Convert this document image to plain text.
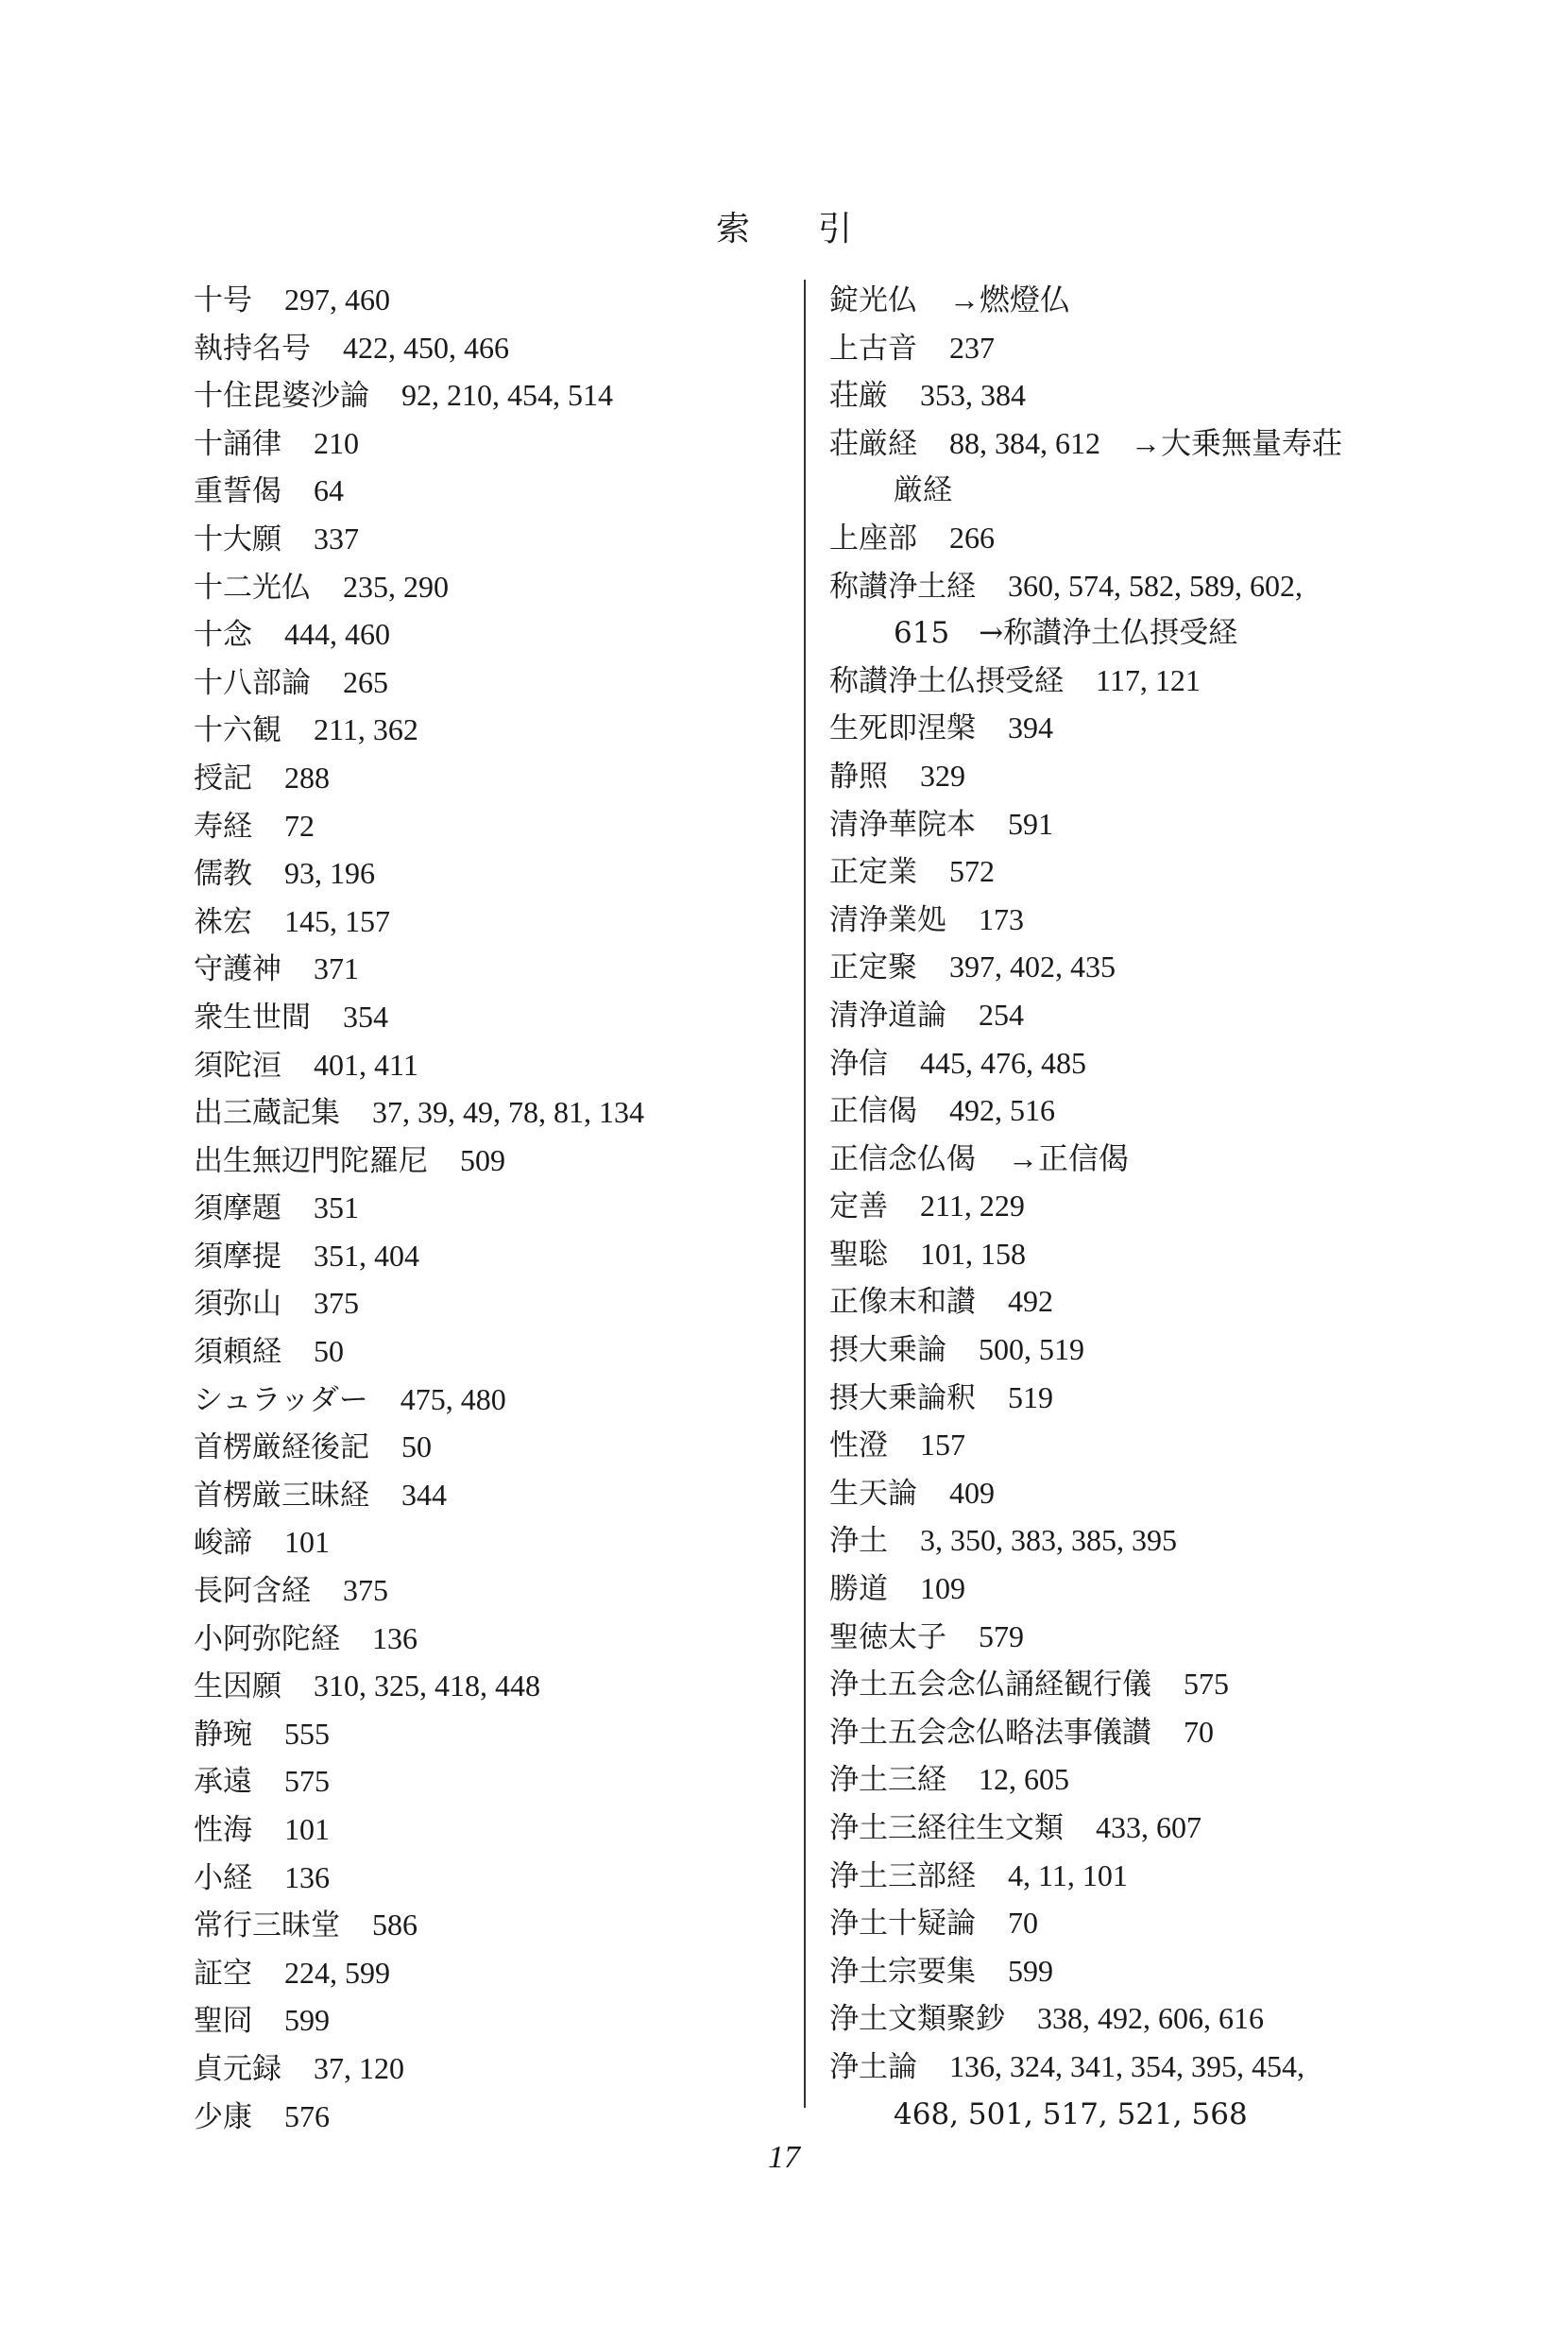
索引
十号 297, 460
執持名号 422, 450, 466
十住毘婆沙論 92, 210, 454, 514
十誦律 210
重誓偈 64
十大願 337
十二光仏 235, 290
十念 444, 460
十八部論 265
十六観 211, 362
授記 288
寿経 72
儒教 93, 196
袾宏 145, 157
守護神 371
衆生世間 354
須陀洹 401, 411
出三蔵記集 37, 39, 49, 78, 81, 134
出生無辺門陀羅尼 509
須摩題 351
須摩提 351, 404
須弥山 375
須頼経 50
シュラッダー 475, 480
首楞厳経後記 50
首楞厳三昧経 344
峻諦 101
長阿含経 375
小阿弥陀経 136
生因願 310, 325, 418, 448
静琬 555
承遠 575
性海 101
小経 136
常行三昧堂 586
証空 224, 599
聖冏 599
貞元録 37, 120
少康 576
錠光仏 →燃燈仏
上古音 237
荘厳 353, 384
荘厳経 88, 384, 612　→大乗無量寿荘
厳経
上座部 266
称讃浄土経 360, 574, 582, 589, 602,
615　→称讃浄土仏摂受経
称讃浄土仏摂受経 117, 121
生死即涅槃 394
静照 329
清浄華院本 591
正定業 572
清浄業処 173
正定聚 397, 402, 435
清浄道論 254
浄信 445, 476, 485
正信偈 492, 516
正信念仏偈 →正信偈
定善 211, 229
聖聡 101, 158
正像末和讃 492
摂大乗論 500, 519
摂大乗論釈 519
性澄 157
生天論 409
浄土 3, 350, 383, 385, 395
勝道 109
聖徳太子 579
浄土五会念仏誦経観行儀 575
浄土五会念仏略法事儀讃 70
浄土三経 12, 605
浄土三経往生文類 433, 607
浄土三部経 4, 11, 101
浄土十疑論 70
浄土宗要集 599
浄土文類聚鈔 338, 492, 606, 616
浄土論 136, 324, 341, 354, 395, 454,
468, 501, 517, 521, 568
17
